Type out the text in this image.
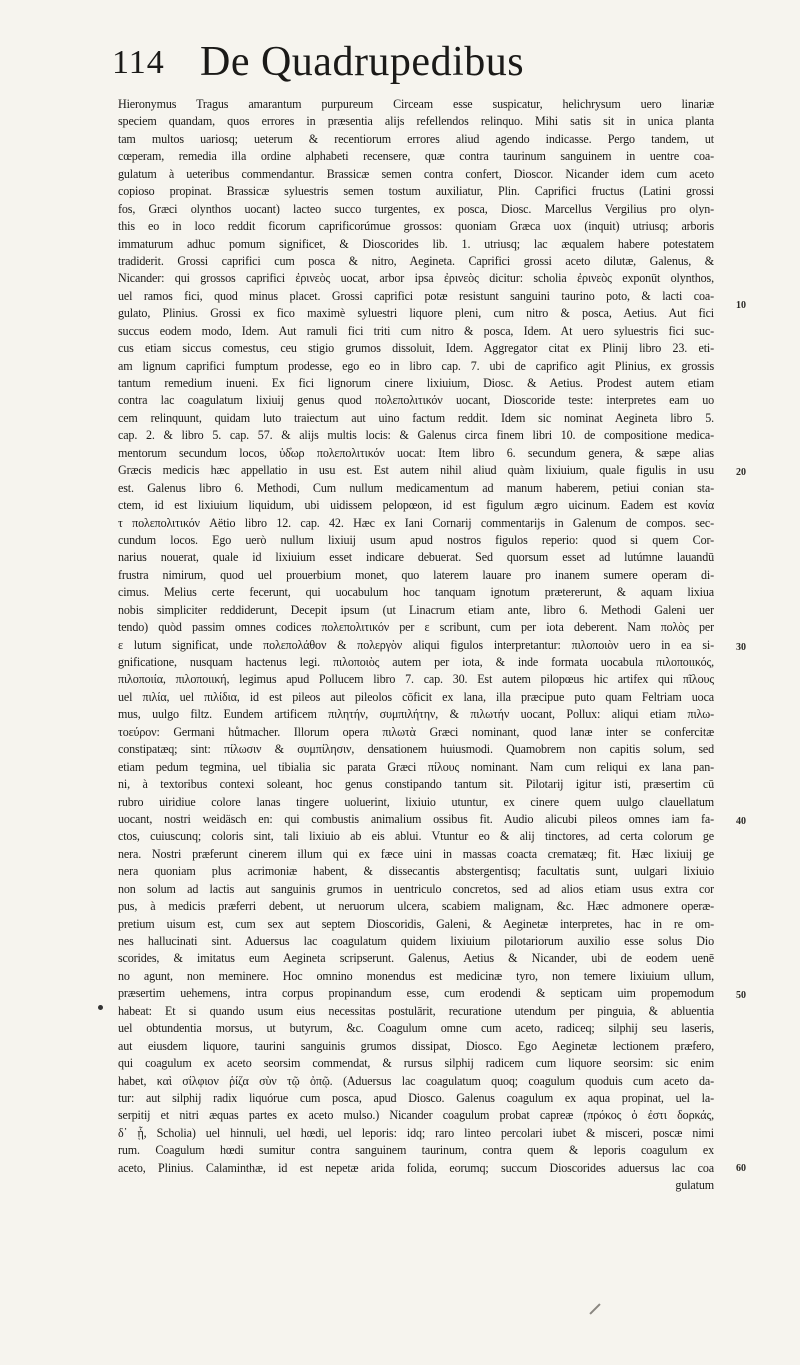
114 De Quadrupedibus
Hieronymus Tragus amarantum purpureum Circeam esse suspicatur, helichrysum uero linariæ
speciem quandam, quos errores in præsentia alijs refellendos relinquo. Mihi satis sit in unica planta
tam multos uariosq; ueterum & recentiorum errores aliud agendo indicasse. Pergo tandem, ut
cœperam, remedia illa ordine alphabeti recensere, quæ contra taurinum sanguinem in uentre coa-
gulatum à ueteribus commendantur. Brassicæ semen contra confert, Dioscor. Nicander idem cum aceto
copioso propinat. Brassicæ syluestris semen tostum auxiliatur, Plin. Caprifici fructus (Latini grossi
fos, Græci olynthos uocant) lacteo succo turgentes, ex posca, Diosc. Marcellus Vergilius pro olyn-
this eo in loco reddit ficorum caprificorúmue grossos: quoniam Græca uox (inquit) utriusq; arboris
immaturum adhuc pomum significet, & Dioscorides lib. 1. utriusq; lac æqualem habere potestatem
tradiderit. Grossi caprifici cum posca & nitro, Aegineta. Caprifici grossi aceto dilutæ, Galenus, &
Nicander: qui grossos caprifici ἐρινεὸς uocat, arbor ipsa ἐρινεὸς dicitur: scholia ἐρινεὸς exponūt olynthos,
uel ramos fici, quod minus placet. Grossi caprifici potæ resistunt sanguini taurino poto, & lacti coa-
gulato, Plinius. Grossi ex fico maximè syluestri liquore pleni, cum nitro & posca, Aetius. Aut fici
succus eodem modo, Idem. Aut ramuli fici triti cum nitro & posca, Idem. At uero syluestris fici suc-
cus etiam siccus comestus, ceu stigio grumos dissoluit, Idem. Aggregator citat ex Plinij libro 23. eti-
am lignum caprifici fumptum prodesse, ego eo in libro cap. 7. ubi de caprifico agit Plinius, ex grossis
tantum remedium inueni. Ex fici lignorum cinere lixiuium, Diosc. & Aetius. Prodest autem etiam
contra lac coagulatum lixiuij genus quod πολεπολιτικόν uocant, Dioscoride teste: interpretes eam uo
cem relinquunt, quidam luto traiectum aut uino factum reddit. Idem sic nominat Aegineta libro 5.
cap. 2. & libro 5. cap. 57. & alijs multis locis: & Galenus circa finem libri 10. de compositione medica-
mentorum secundum locos, ὑδ̓ωρ πολεπολιτικόν uocat: Item libro 6. secundum genera, & sæpe alias
Græcis medicis hæc appellatio in usu est. Est autem nihil aliud quàm lixiuium, quale figulis in usu
est. Galenus libro 6. Methodi, Cum nullum medicamentum ad manum haberem, petiui conian sta-
ctem, id est lixiuium liquidum, ubi uidissem pelopœon, id est figulum ægro uicinum. Eadem est κονία
τ πολεπολιτικόν Aëtio libro 12. cap. 42. Hæc ex Iani Cornarij commentarijs in Galenum de compos. sec-
cundum locos. Ego uerò nullum lixiuij usum apud nostros figulos reperio: quod si quem Cor-
narius nouerat, quale id lixiuium esset indicare debuerat. Sed quorsum esset ad lutúmne lauandū
frustra nimirum, quod uel prouerbium monet, quo laterem lauare pro inanem sumere operam di-
cimus. Melius certe fecerunt, qui uocabulum hoc tanquam ignotum prætererunt, & aquam lixiua
nobis simpliciter reddiderunt, Decepit ipsum (ut Linacrum etiam ante, libro 6. Methodi Galeni uer
tendo) quòd passim omnes codices πολεπολιτικόν per ε scribunt, cum per iota deberent. Nam πολὸς per
ε lutum significat, unde πολεπολάθον & πολεργὸν aliqui figulos interpretantur: πιλοποιὸν uero in ea si-
gnificatione, nusquam hactenus legi. πιλοποιὸς autem per iota, & inde formata uocabula πιλοποιικός,
πιλοποιία, πιλοποιική, legimus apud Pollucem libro 7. cap. 30. Est autem pilopœus hic artifex qui πῖλους
uel πιλία, uel πιλίδια, id est pileos aut pileolos cōficit ex lana, illa præcipue puto quam Feltriam uoca
mus, uulgo filtz. Eundem artificem πιλητήν, συμπιλήτην, & πιλωτήν uocant, Pollux: aliqui etiam πιλω-
τοεύρον: Germani hůtmacher. Illorum opera πιλωτὰ Græci nominant, quod lanæ inter se confercitæ
constipatæq; sint: πίλωσιν & συμπίλησιν, densationem huiusmodi. Quamobrem non capitis solum, sed
etiam pedum tegmina, uel tibialia sic parata Græci πίλους nominant. Nam cum reliqui ex lana pan-
ni, à textoribus contexi soleant, hoc genus constipando tantum sit. Pilotarij igitur isti, præsertim cū
rubro uiridiue colore lanas tingere uoluerint, lixiuio utuntur, ex cinere quem uulgo clauellatum
uocant, nostri weidäsch en: qui combustis animalium ossibus fit. Audio alicubi pileos omnes iam fa-
ctos, cuiuscunq; coloris sint, tali lixiuio ab eis ablui. Vtuntur eo & alij tinctores, ad certa colorum ge
nera. Nostri præferunt cinerem illum qui ex fæce uini in massas coacta crematæq; fit. Hæc lixiuij ge
nera quoniam plus acrimoniæ habent, & dissecantis abstergentisq; facultatis sunt, uulgari lixiuio
non solum ad lactis aut sanguinis grumos in uentriculo concretos, sed ad alios etiam usus extra cor
pus, à medicis præferri debent, ut neruorum ulcera, scabiem malignam, &c. Hæc admonere operæ-
pretium uisum est, cum sex aut septem Dioscoridis, Galeni, & Aeginetæ interpretes, hac in re om-
nes hallucinati sint. Aduersus lac coagulatum quidem lixiuium pilotariorum auxilio esse solus Dio
scorides, & imitatus eum Aegineta scripserunt. Galenus, Aetius & Nicander, ubi de eodem uenē
no agunt, non meminere. Hoc omnino monendus est medicinæ tyro, non temere lixiuium ullum,
præsertim uehemens, intra corpus propinandum esse, cum erodendi & septicam uim propemodum
habeat: Et si quando usum eius necessitas postulārit, recuratione utendum per pinguia, & abluentia
uel obtundentia morsus, ut butyrum, &c. Coagulum omne cum aceto, radiceq; silphij seu laseris,
aut eiusdem liquore, taurini sanguinis grumos dissipat, Diosco. Ego Aeginetæ lectionem præfero,
qui coagulum ex aceto seorsim commendat, & rursus silphij radicem cum liquore seorsim: sic enim
habet, καὶ σίλφιον ῥίζα σὺν τῷ ὀπῷ. (Aduersus lac coagulatum quoq; coagulum quoduis cum aceto da-
tur: aut silphij radix liquórue cum posca, apud Diosco. Galenus coagulum ex aqua propinat, uel la-
serpitij et nitri æquas partes ex aceto mulso.) Nicander coagulum probat capreæ (πρόκος ὁ ἐστι δορκάς,
δ᾽ ᾗ, Scholia) uel hinnuli, uel hœdi, uel leporis: idq; raro linteo percolari iubet & misceri, poscæ nimi
rum. Coagulum hœdi sumitur contra sanguinem taurinum, contra quem & leporis coagulum ex
aceto, Plinius. Calaminthæ, id est nepetæ arida folida, eorumq; succum Dioscorides aduersus lac coa
gulatum
10
20
30
40
50
60
